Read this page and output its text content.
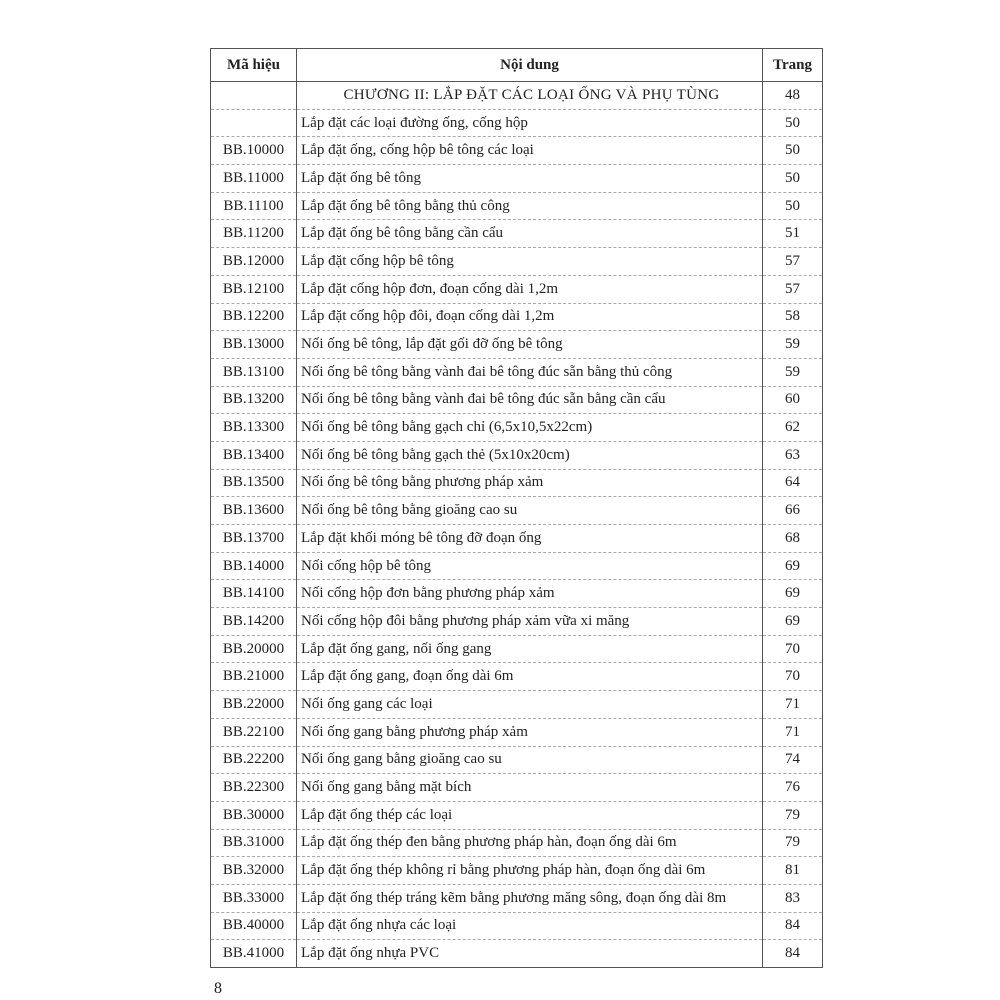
Mã hiệu	Nội dung	Trang
	CHƯƠNG II: LẮP ĐẶT CÁC LOẠI ỐNG VÀ PHỤ TÙNG	48
	Lắp đặt các loại đường ống, cống hộp	50
BB.10000	Lắp đặt ống, cống hộp bê tông các loại	50
BB.11000	Lắp đặt ống bê tông	50
BB.11100	Lắp đặt ống bê tông bằng thủ công	50
BB.11200	Lắp đặt ống bê tông bằng cần cẩu	51
BB.12000	Lắp đặt cống hộp bê tông	57
BB.12100	Lắp đặt cống hộp đơn, đoạn cống dài 1,2m	57
BB.12200	Lắp đặt cống hộp đôi, đoạn cống dài 1,2m	58
BB.13000	Nối ống bê tông, lắp đặt gối đỡ ống bê tông	59
BB.13100	Nối ống bê tông bằng vành đai bê tông đúc sẵn bằng thủ công	59
BB.13200	Nối ống bê tông bằng vành đai bê tông đúc sẵn bằng cần cẩu	60
BB.13300	Nối ống bê tông bằng gạch chỉ (6,5x10,5x22cm)	62
BB.13400	Nối ống bê tông bằng gạch thẻ (5x10x20cm)	63
BB.13500	Nối ống bê tông bằng phương pháp xảm	64
BB.13600	Nối ống bê tông bằng gioăng cao su	66
BB.13700	Lắp đặt khối móng bê tông đỡ đoạn ống	68
BB.14000	Nối cống hộp bê tông	69
BB.14100	Nối cống hộp đơn bằng phương pháp xảm	69
BB.14200	Nối cống hộp đôi bằng phương pháp xảm vữa xi măng	69
BB.20000	Lắp đặt ống gang, nối ống gang	70
BB.21000	Lắp đặt ống gang, đoạn ống dài 6m	70
BB.22000	Nối ống gang các loại	71
BB.22100	Nối ống gang bằng phương pháp xảm	71
BB.22200	Nối ống gang bằng gioăng cao su	74
BB.22300	Nối ống gang bằng mặt bích	76
BB.30000	Lắp đặt ống thép các loại	79
BB.31000	Lắp đặt ống thép đen bằng phương pháp hàn, đoạn ống dài 6m	79
BB.32000	Lắp đặt ống thép không rỉ bằng phương pháp hàn, đoạn ống dài 6m	81
BB.33000	Lắp đặt ống thép tráng kẽm bằng phương măng sông, đoạn ống dài 8m	83
BB.40000	Lắp đặt ống nhựa các loại	84
BB.41000	Lắp đặt ống nhựa PVC	84
8
